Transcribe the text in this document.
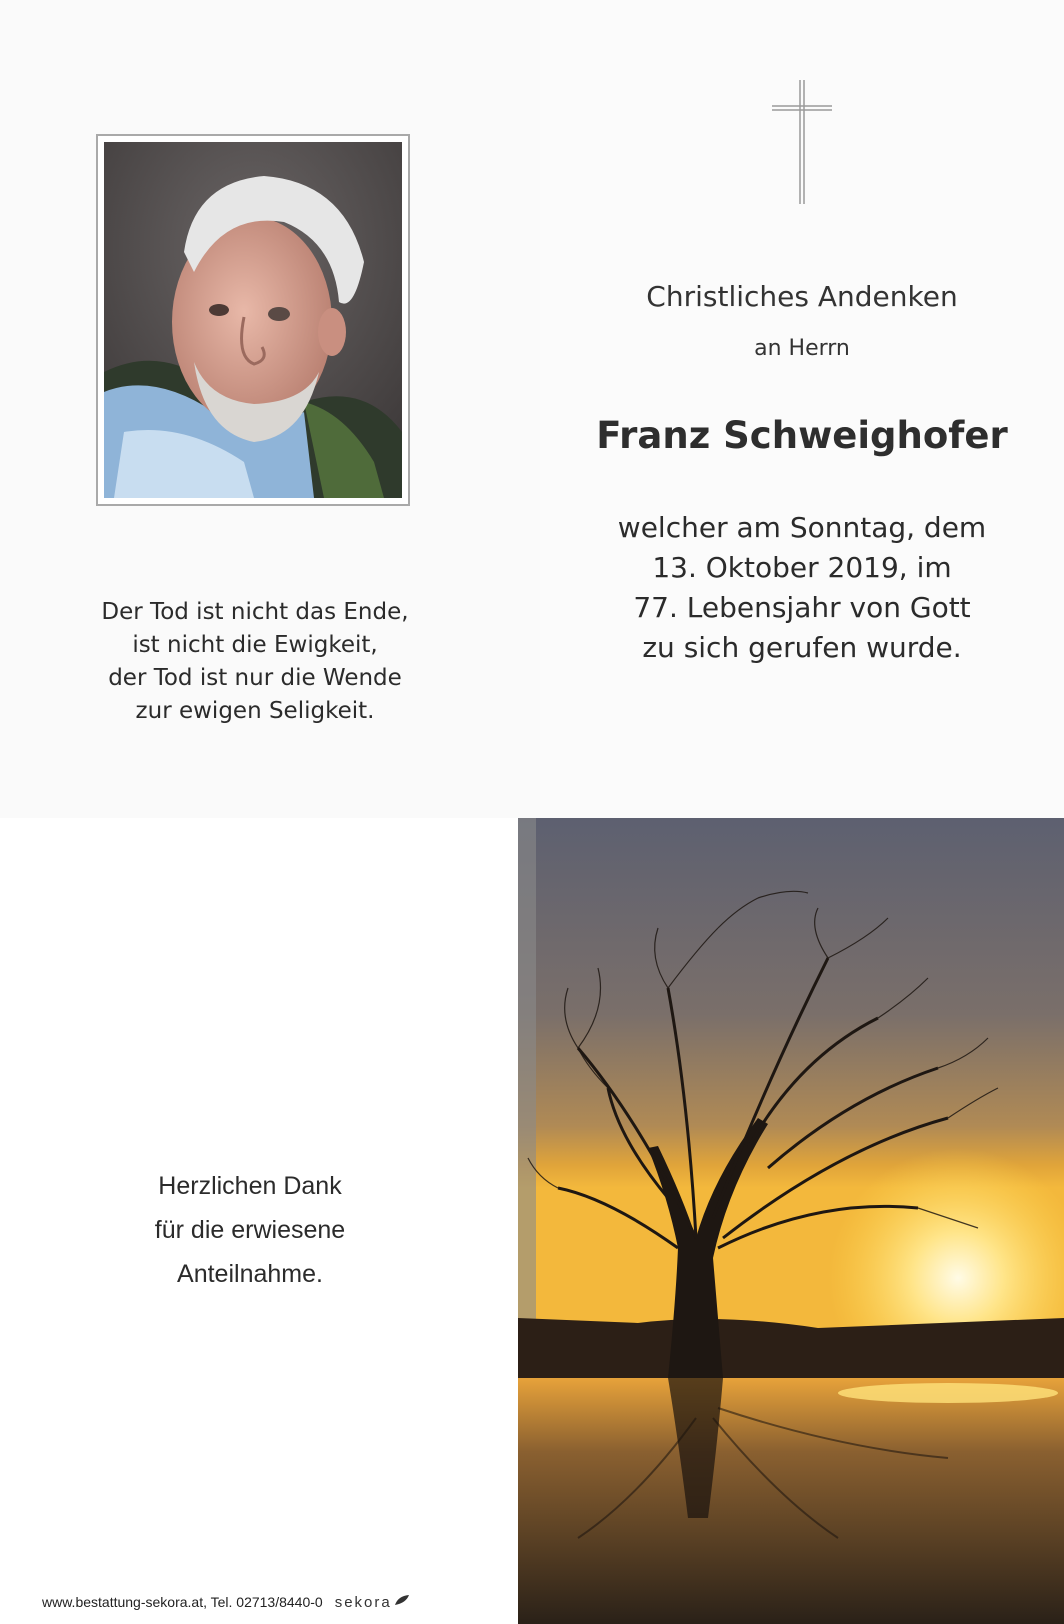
Der Tod ist nicht das Ende,
ist nicht die Ewigkeit,
der Tod ist nur die Wende
zur ewigen Seligkeit.
Christliches Andenken
an Herrn
Franz Schweighofer
welcher am Sonntag, dem
13. Oktober 2019, im
77. Lebensjahr von Gott
zu sich gerufen wurde.
Herzlichen Dank
für die erwiesene
Anteilnahme.
www.bestattung-sekora.at, Tel. 02713/8440-0 sekora
